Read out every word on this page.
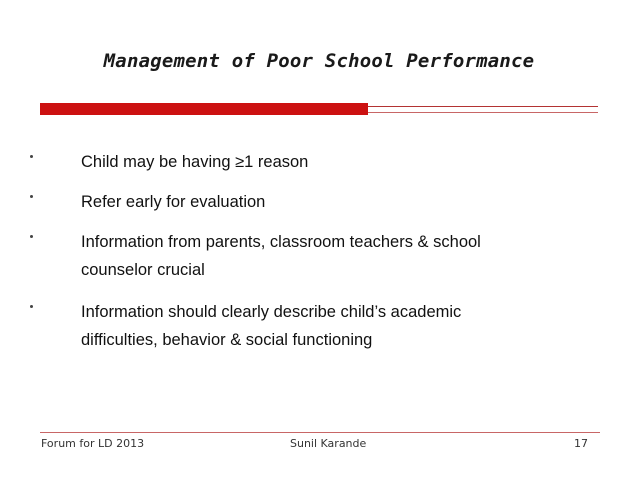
Management of Poor School Performance
Child may be having ≥1 reason
Refer early for evaluation
Information from parents, classroom teachers & school counselor crucial
Information should clearly describe child’s academic difficulties, behavior & social functioning
Forum for LD 2013	Sunil Karande	17
